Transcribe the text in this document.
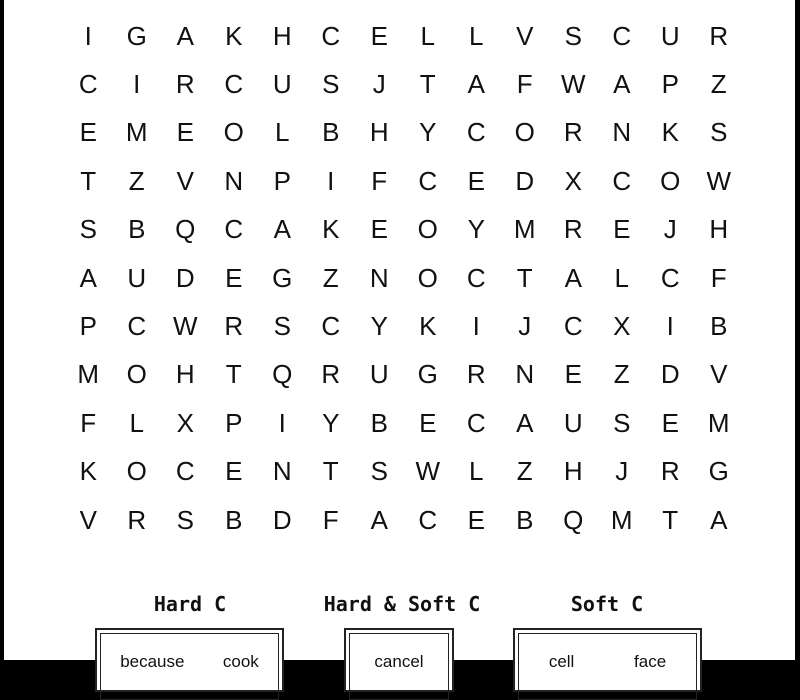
I	G	A	K	H	C	E	L	L	V	S	C	U	R
C	I	R	C	U	S	J	T	A	F	W	A	P	Z
E	M	E	O	L	B	H	Y	C	O	R	N	K	S
T	Z	V	N	P	I	F	C	E	D	X	C	O	W
S	B	Q	C	A	K	E	O	Y	M	R	E	J	H
A	U	D	E	G	Z	N	O	C	T	A	L	C	F
P	C	W	R	S	C	Y	K	I	J	C	X	I	B
M	O	H	T	Q	R	U	G	R	N	E	Z	D	V
F	L	X	P	I	Y	B	E	C	A	U	S	E	M
K	O	C	E	N	T	S	W	L	Z	H	J	R	G
V	R	S	B	D	F	A	C	E	B	Q	M	T	A
Hard C	Hard & Soft C	Soft C
because cook	cancel	cell	face
